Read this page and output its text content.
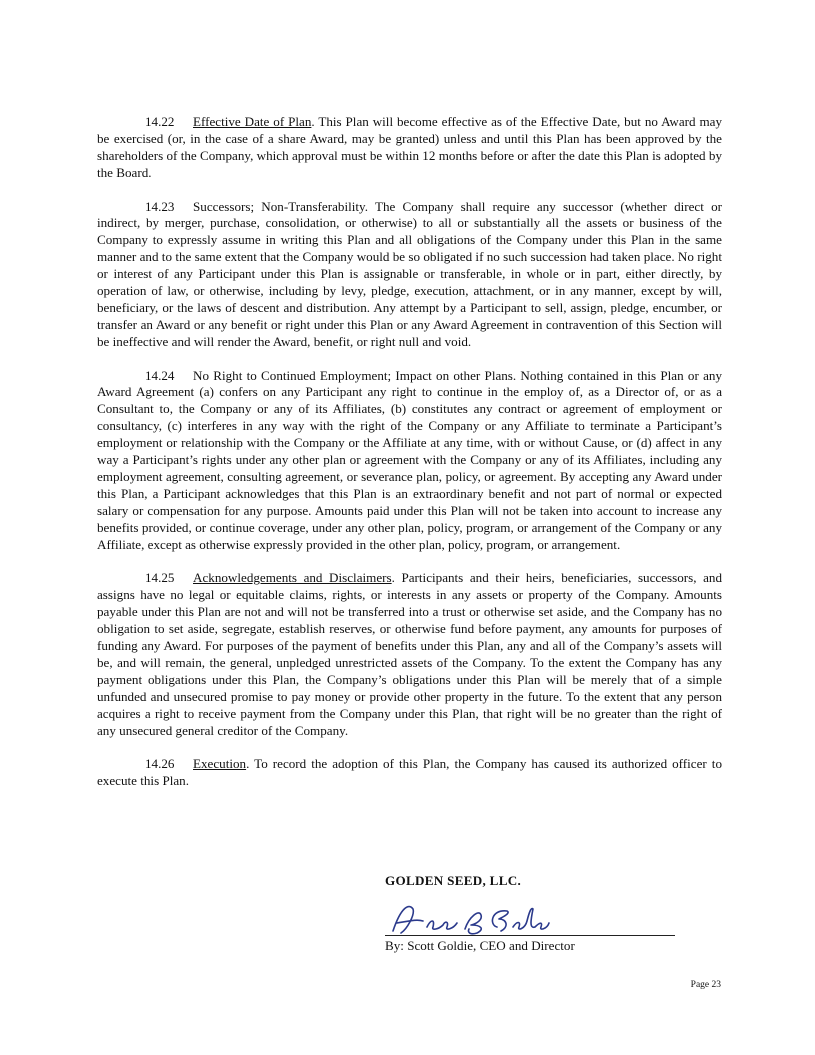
14.22 Effective Date of Plan. This Plan will become effective as of the Effective Date, but no Award may be exercised (or, in the case of a share Award, may be granted) unless and until this Plan has been approved by the shareholders of the Company, which approval must be within 12 months before or after the date this Plan is adopted by the Board.

14.23 Successors; Non-Transferability. The Company shall require any successor (whether direct or indirect, by merger, purchase, consolidation, or otherwise) to all or substantially all the assets or business of the Company to expressly assume in writing this Plan and all obligations of the Company under this Plan in the same manner and to the same extent that the Company would be so obligated if no such succession had taken place. No right or interest of any Participant under this Plan is assignable or transferable, in whole or in part, either directly, by operation of law, or otherwise, including by levy, pledge, execution, attachment, or in any manner, except by will, beneficiary, or the laws of descent and distribution. Any attempt by a Participant to sell, assign, pledge, encumber, or transfer an Award or any benefit or right under this Plan or any Award Agreement in contravention of this Section will be ineffective and will render the Award, benefit, or right null and void.

14.24 No Right to Continued Employment; Impact on other Plans. Nothing contained in this Plan or any Award Agreement (a) confers on any Participant any right to continue in the employ of, as a Director of, or as a Consultant to, the Company or any of its Affiliates, (b) constitutes any contract or agreement of employment or consultancy, (c) interferes in any way with the right of the Company or any Affiliate to terminate a Participant’s employment or relationship with the Company or the Affiliate at any time, with or without Cause, or (d) affect in any way a Participant’s rights under any other plan or agreement with the Company or any of its Affiliates, including any employment agreement, consulting agreement, or severance plan, policy, or agreement. By accepting any Award under this Plan, a Participant acknowledges that this Plan is an extraordinary benefit and not part of normal or expected salary or compensation for any purpose. Amounts paid under this Plan will not be taken into account to increase any benefits provided, or continue coverage, under any other plan, policy, program, or arrangement of the Company or any Affiliate, except as otherwise expressly provided in the other plan, policy, program, or arrangement.

14.25 Acknowledgements and Disclaimers. Participants and their heirs, beneficiaries, successors, and assigns have no legal or equitable claims, rights, or interests in any assets or property of the Company. Amounts payable under this Plan are not and will not be transferred into a trust or otherwise set aside, and the Company has no obligation to set aside, segregate, establish reserves, or otherwise fund before payment, any amounts for purposes of funding any Award. For purposes of the payment of benefits under this Plan, any and all of the Company’s assets will be, and will remain, the general, unpledged unrestricted assets of the Company. To the extent the Company has any payment obligations under this Plan, the Company’s obligations under this Plan will be merely that of a simple unfunded and unsecured promise to pay money or provide other property in the future. To the extent that any person acquires a right to receive payment from the Company under this Plan, that right will be no greater than the right of any unsecured general creditor of the Company.

14.26 Execution. To record the adoption of this Plan, the Company has caused its authorized officer to execute this Plan.

GOLDEN SEED, LLC.

By: Scott Goldie, CEO and Director
Page 23
